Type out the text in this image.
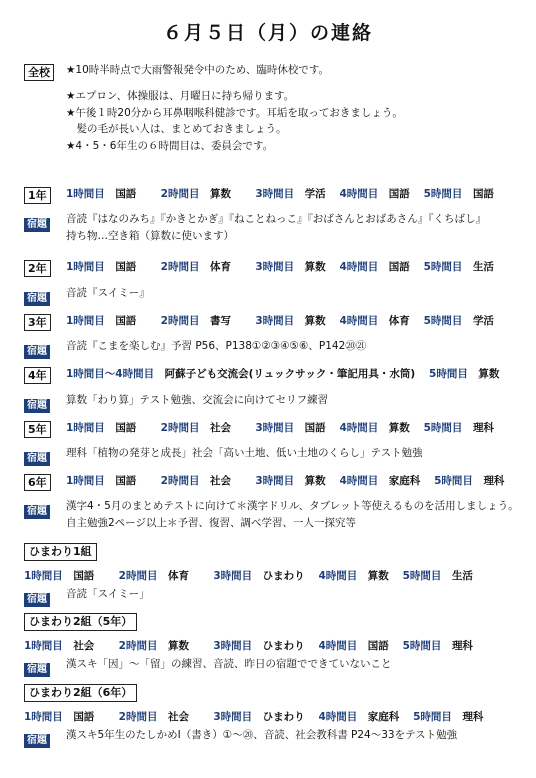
６月５日（月）の連絡
全校	★10時半時点で大雨警報発令中のため、臨時休校です。
★エプロン、体操服は、月曜日に持ち帰ります。
★午後１時20分から耳鼻咽喉科健診です。耳垢を取っておきましょう。
　髪の毛が長い人は、まとめておきましょう。
★4・5・6年生の６時間目は、委員会です。
1年	1時間目　 国語　　 2時間目　 算数　　 3時間目　 学活　 4時間目　 国語　 5時間目　 国語
宿題 音読『はなのみち』『かきとかぎ』『ねことねっこ』『おばさんとおばあさん』『くちばし』
持ち物…空き箱（算数に使います）
2年	1時間目　 国語　　 2時間目　 体育　　 3時間目　 算数　 4時間目　 国語　 5時間目　 生活
宿題 音読『スイミー』
3年	1時間目　 国語　　 2時間目　 書写　　 3時間目　 算数　 4時間目　 体育　 5時間目　 学活
宿題 音読『こまを楽しむ』予習 P56、P138①②③④⑤⑥、P142⑳㉑
4年	1時間目～4時間目　 阿蘇子ども交流会(リュックサック・筆記用具・水筒)　 5時間目　 算数
宿題 算数「わり算」テスト勉強、交流会に向けてセリフ練習
5年	1時間目　 国語　　 2時間目　 社会　　 3時間目　 国語　 4時間目　 算数　 5時間目　 理科
宿題 理科「植物の発芽と成長」社会「高い土地、低い土地のくらし」テスト勉強
6年	1時間目　 国語　　 2時間目　 社会　　 3時間目　 算数　 4時間目　 家庭科　 5時間目　 理科
宿題 漢字4・5月のまとめテストに向けて＊漢字ドリル、タブレット等使えるものを活用しましょう。
自主勉強2ページ以上＊予習、復習、調べ学習、一人一探究等
ひまわり1組
1時間目　 国語　　 2時間目　 体育　　 3時間目　 ひまわり　 4時間目　 算数　 5時間目　 生活
宿題 音読「スイミー」
ひまわり2組（5年）
1時間目　 社会　　 2時間目　 算数　　 3時間目　 ひまわり　 4時間目　 国語　 5時間目　 理科
宿題 漢スキ「因」～「留」の練習、音読、昨日の宿題でできていないこと
ひまわり2組（6年）
1時間目　 国語　　 2時間目　 社会　　 3時間目　 ひまわり　 4時間目　 家庭科　 5時間目　 理科
宿題 漢スキ5年生のたしかめⅠ（書き）①～⑳、音読、社会教科書 P24～33をテスト勉強
